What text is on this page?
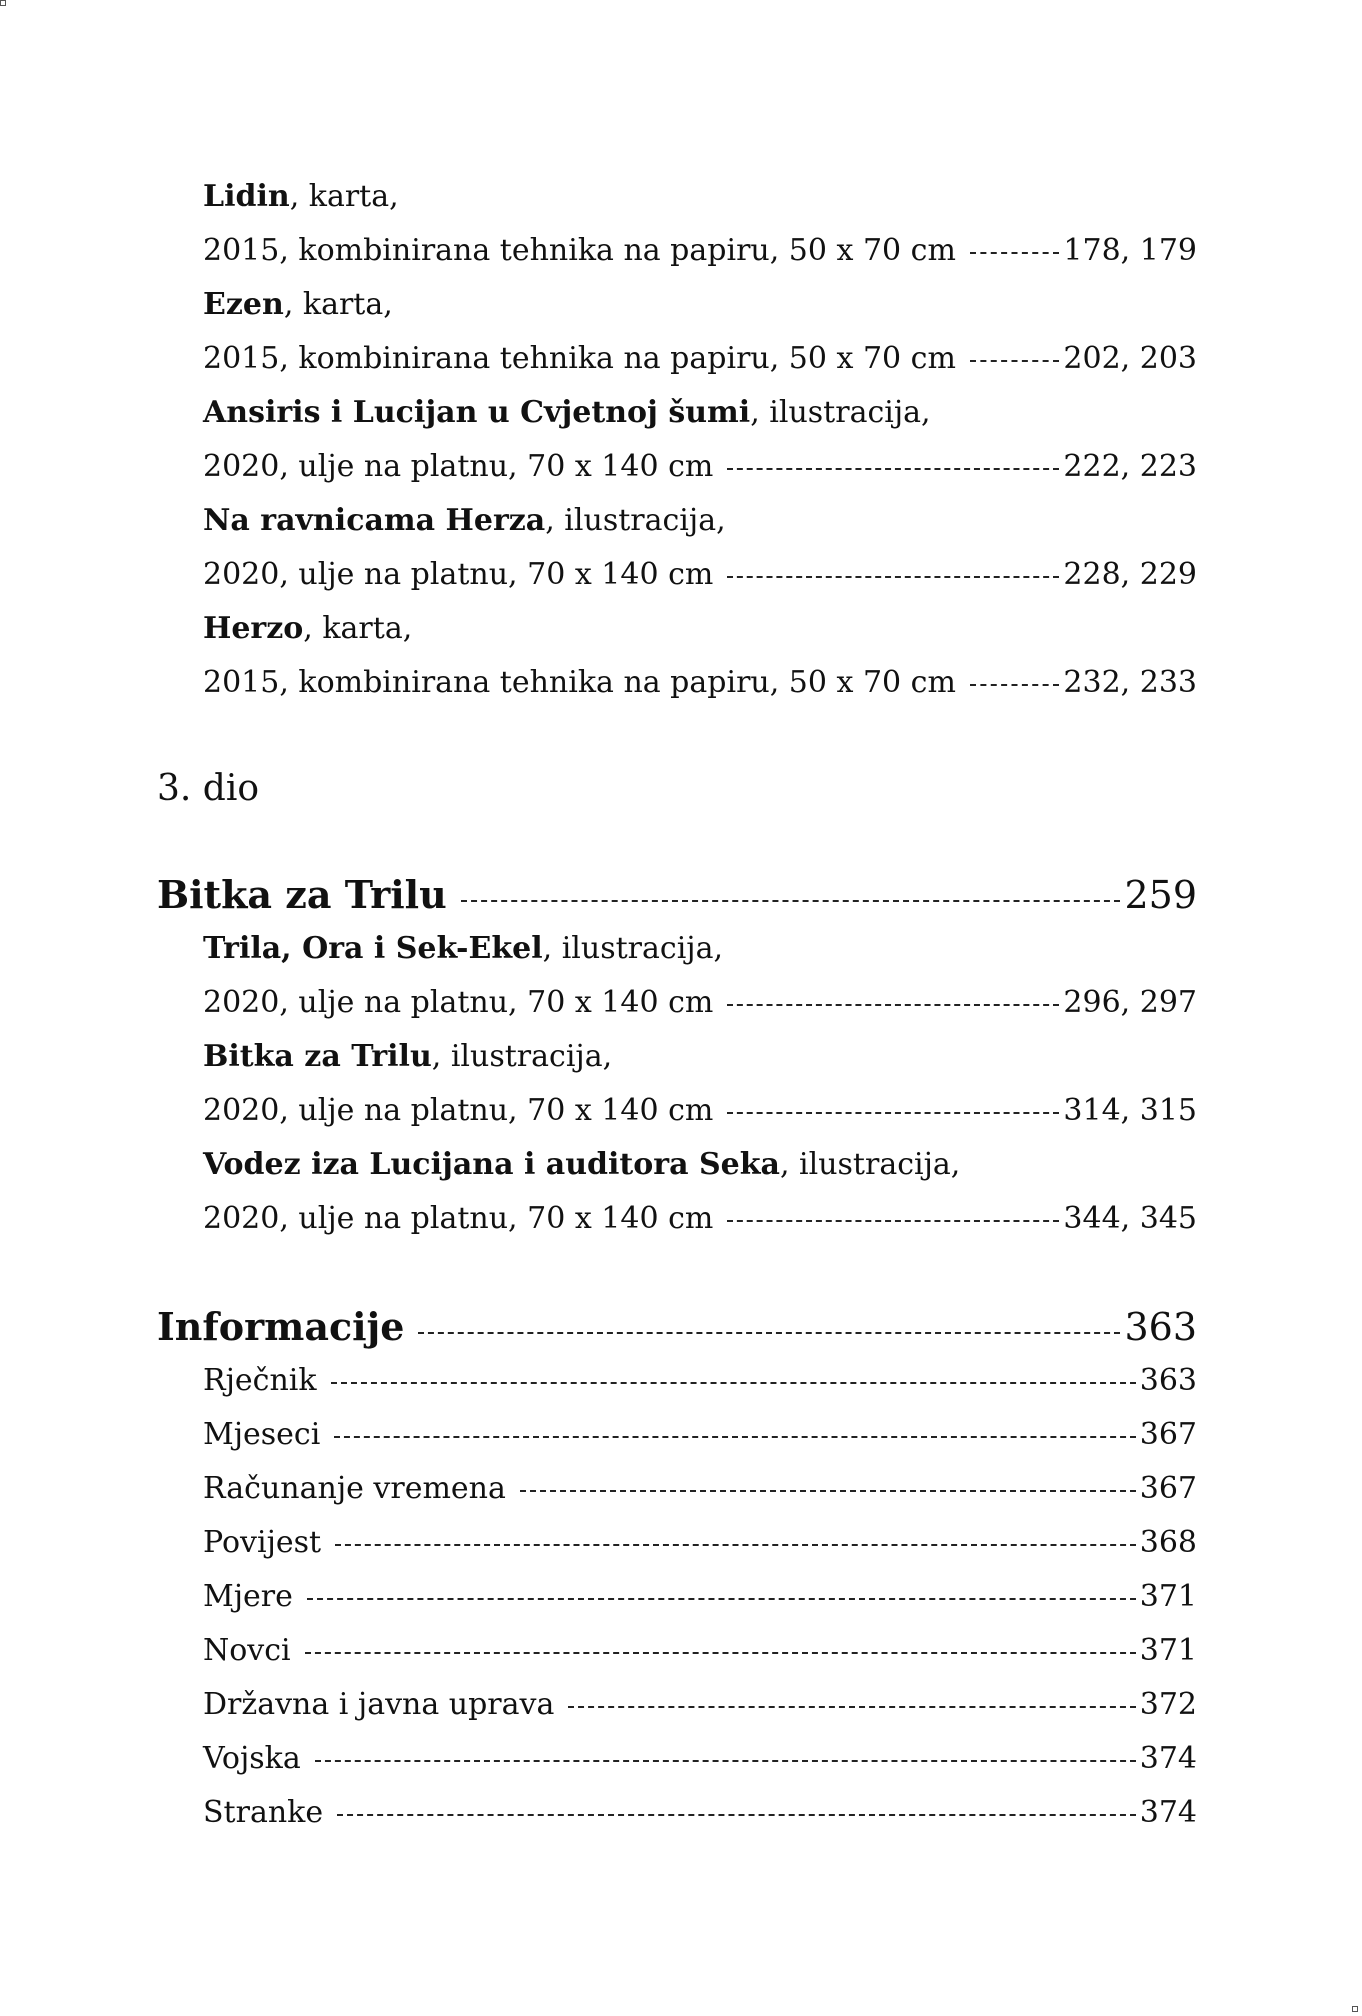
Lidin , karta,
2015, kombinirana tehnika na papiru, 50 x 70 cm	178, 179
Ezen , karta,
2015, kombinirana tehnika na papiru, 50 x 70 cm	202, 203
Ansiris i Lucijan u Cvjetnoj šumi , ilustracija,
2020, ulje na platnu, 70 x 140 cm	222, 223
Na ravnicama Herza , ilustracija,
2020, ulje na platnu, 70 x 140 cm	228, 229
Herzo , karta,
2015, kombinirana tehnika na papiru, 50 x 70 cm	232, 233
3. dio
Bitka za Trilu	259
Trila, Ora i Sek-Ekel , ilustracija,
2020, ulje na platnu, 70 x 140 cm	296, 297
Bitka za Trilu , ilustracija,
2020, ulje na platnu, 70 x 140 cm	314, 315
Vodez iza Lucijana i auditora Seka , ilustracija,
2020, ulje na platnu, 70 x 140 cm	344, 345
Informacije	363
Rječnik	363
Mjeseci	367
Računanje vremena	367
Povijest	368
Mjere	371
Novci	371
Državna i javna uprava	372
Vojska	374
Stranke	374
